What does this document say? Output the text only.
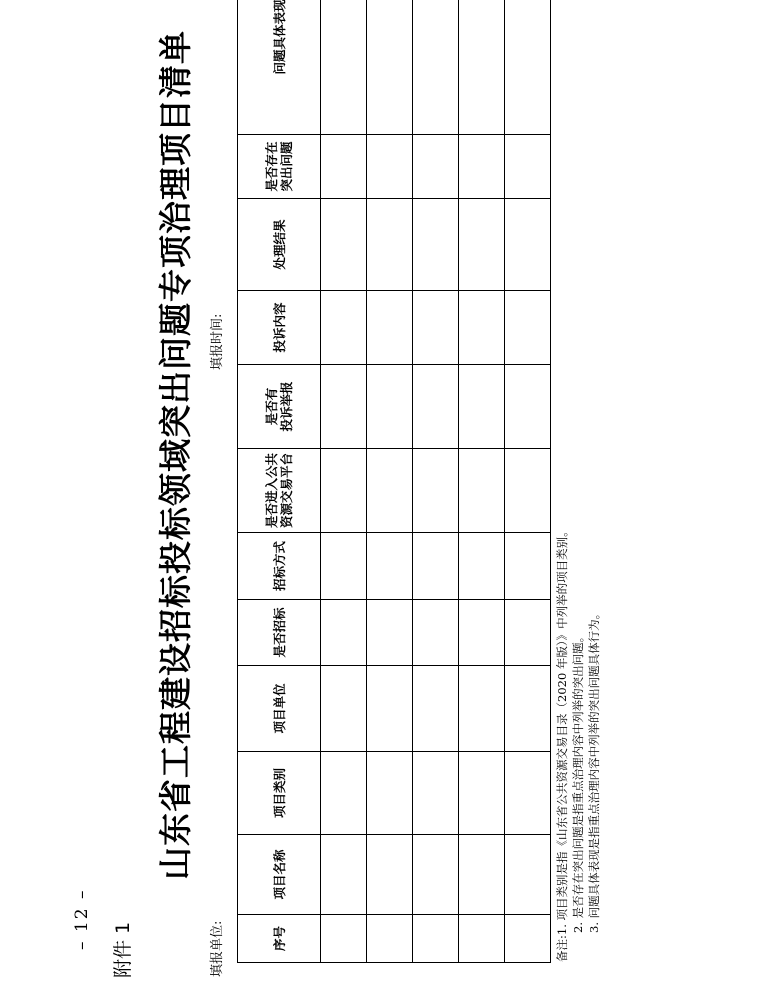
附件 1
山东省工程建设招标投标领域突出问题专项治理项目清单
填报单位:
填报时间:
序号	项目名称	项目类别	项目单位	是否招标	招标方式	是否进入公共 资源交易平台	是否有 投诉举报	投诉内容	处理结果	是否存在 突出问题	问题具体表现

备注:1. 项目类别是指《山东省公共资源交易目录（2020 年版）》中列举的项目类别。 2. 是否存在突出问题是指重点治理内容中列举的突出问题。 3. 问题具体表现是指重点治理内容中列举的突出问题具体行为。
– 12 –
